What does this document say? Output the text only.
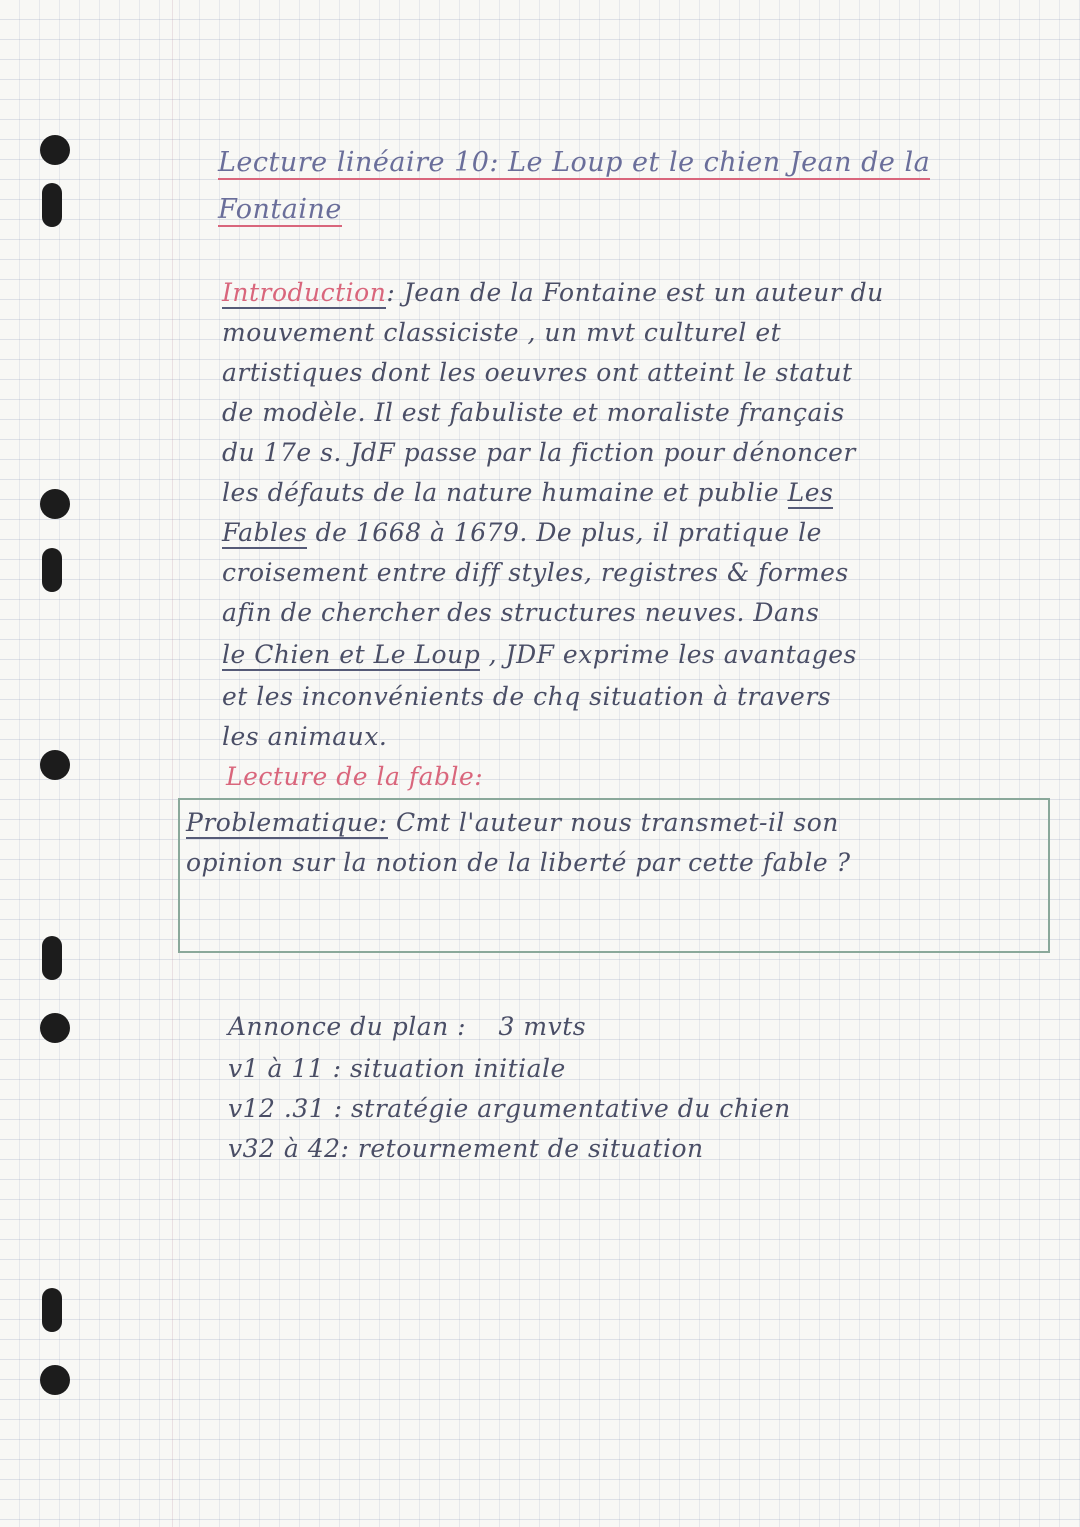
Lecture linéaire 10: Le Loup et le chien Jean de la
Fontaine
Introduction: Jean de la Fontaine est un auteur du
mouvement classiciste , un mvt culturel et
artistiques dont les oeuvres ont atteint le statut
de modèle. Il est fabuliste et moraliste français
du 17e s. JdF passe par la fiction pour dénoncer
les défauts de la nature humaine et publie Les
Fables de 1668 à 1679. De plus, il pratique le
croisement entre diff styles, registres & formes
afin de chercher des structures neuves. Dans
le Chien et Le Loup , JDF exprime les avantages
et les inconvénients de chq situation à travers
les animaux.
Lecture de la fable:
Problematique: Cmt l'auteur nous transmet-il son
opinion sur la notion de la liberté par cette fable ?
Annonce du plan : 3 mvts
v1 à 11 : situation initiale
v12 .31 : stratégie argumentative du chien
v32 à 42: retournement de situation
